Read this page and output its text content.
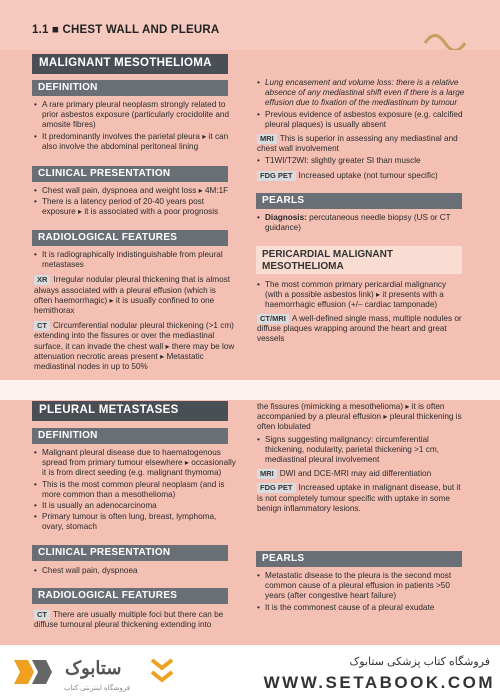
1.1 ■ CHEST WALL AND PLEURA
MALIGNANT MESOTHELIOMA
DEFINITION
• A rare primary pleural neoplasm strongly related to prior asbestos exposure (particularly crocidolite and amosite fibres)
• It predominantly involves the parietal pleura ▸ it can also involve the abdominal peritoneal lining
CLINICAL PRESENTATION
• Chest wall pain, dyspnoea and weight loss ▸ 4M:1F
• There is a latency period of 20-40 years post exposure ▸ it is associated with a poor prognosis
RADIOLOGICAL FEATURES
• It is radiographically indistinguishable from pleural metastases
XR Irregular nodular pleural thickening that is almost always associated with a pleural effusion (which is often haemorrhagic) ▸ it is usually confined to one hemithorax
CT Circumferential nodular pleural thickening (>1 cm) extending into the fissures or over the mediastinal surface, it can invade the chest wall ▸ there may be low attenuation necrotic areas present ▸ Metastatic mediastinal nodes in up to 50%
• Lung encasement and volume loss: there is a relative absence of any mediastinal shift even if there is a large effusion due to fixation of the mediastinum by tumour
• Previous evidence of asbestos exposure (e.g. calcified pleural plaques) is usually absent
MRI This is superior in assessing any mediastinal and chest wall involvement
• T1WI/T2WI: slightly greater SI than muscle
FDG PET Increased uptake (not tumour specific)
PEARLS
• Diagnosis: percutaneous needle biopsy (US or CT guidance)
PERICARDIAL MALIGNANT
MESOTHELIOMA
• The most common primary pericardial malignancy (with a possible asbestos link) ▸ it presents with a haemorrhagic effusion (+/– cardiac tamponade)
CT/MRI A well-defined single mass, multiple nodules or diffuse plaques wrapping around the heart and great vessels
PLEURAL METASTASES
DEFINITION
• Malignant pleural disease due to haematogenous spread from primary tumour elsewhere ▸ occasionally it is from direct seeding (e.g. malignant thymoma)
• This is the most common pleural neoplasm (and is more common than a mesothelioma)
• It is usually an adenocarcinoma
• Primary tumour is often lung, breast, lymphoma, ovary, stomach
CLINICAL PRESENTATION
• Chest wall pain, dyspnoea
RADIOLOGICAL FEATURES
CT There are usually multiple foci but there can be diffuse tumoural pleural thickening extending into
the fissures (mimicking a mesothelioma) ▸ it is often accompanied by a pleural effusion ▸ pleural thickening is often lobulated
• Signs suggesting malignancy: circumferential thickening, nodularity, parietal thickening >1 cm, mediastinal pleural involvement
MRI DWI and DCE-MRI may aid differentiation
FDG PET Increased uptake in malignant disease, but it is not completely tumour specific with uptake in some benign inflammatory lesions.
PEARLS
• Metastatic disease to the pleura is the second most common cause of a pleural effusion in patients >50 years (after congestive heart failure)
• It is the commonest cause of a pleural exudate
ستابوک
فروشگاه اینترنتی کتاب
فروشگاه کتاب پزشکی ستابوک
WWW.SETABOOK.COM
